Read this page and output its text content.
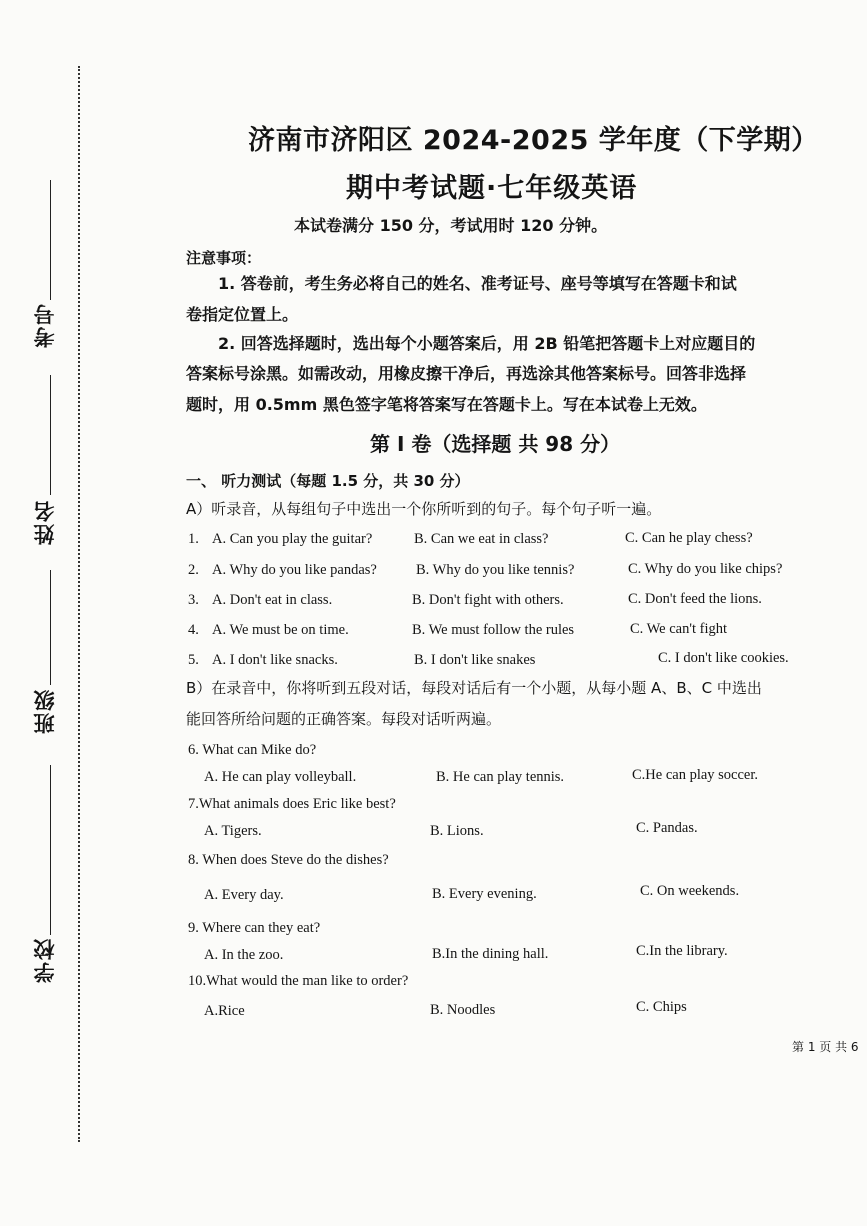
考号
姓名
班级
学校
济南市济阳区 2024-2025 学年度（下学期）
期中考试题·七年级英语
本试卷满分 150 分，考试用时 120 分钟。
注意事项：
1. 答卷前，考生务必将自己的姓名、准考证号、座号等填写在答题卡和试
卷指定位置上。
2. 回答选择题时，选出每个小题答案后，用 2B 铅笔把答题卡上对应题目的
答案标号涂黑。如需改动，用橡皮擦干净后，再选涂其他答案标号。回答非选择
题时，用 0.5mm 黑色签字笔将答案写在答题卡上。写在本试卷上无效。
第 I 卷（选择题 共 98 分）
一、 听力测试（每题 1.5 分，共 30 分）
A）听录音，从每组句子中选出一个你所听到的句子。每个句子听一遍。
1. A. Can you play the guitar?	B. Can we eat in class?	C. Can he play chess?
2. A. Why do you like pandas?	B. Why do you like tennis?	C. Why do you like chips?
3. A. Don't eat in class.	B. Don't fight with others.	C. Don't feed the lions.
4. A. We must be on time.	B. We must follow the rules	C. We can't fight
5. A. I don't like snacks.	B. I don't like snakes	C. I don't like cookies.
B）在录音中，你将听到五段对话，每段对话后有一个小题，从每小题 A、B、C 中选出
能回答所给问题的正确答案。每段对话听两遍。
6. What can Mike do?
A. He can play volleyball.	B. He can play tennis.	C.He can play soccer.
7.What animals does Eric like best?
A. Tigers.	B. Lions.	C. Pandas.
8. When does Steve do the dishes?
A. Every day.	B. Every evening.	C. On weekends.
9. Where can they eat?
A. In the zoo.	B.In the dining hall.	C.In the library.
10.What would the man like to order?
A.Rice	B. Noodles	C. Chips
第 1 页 共 6
